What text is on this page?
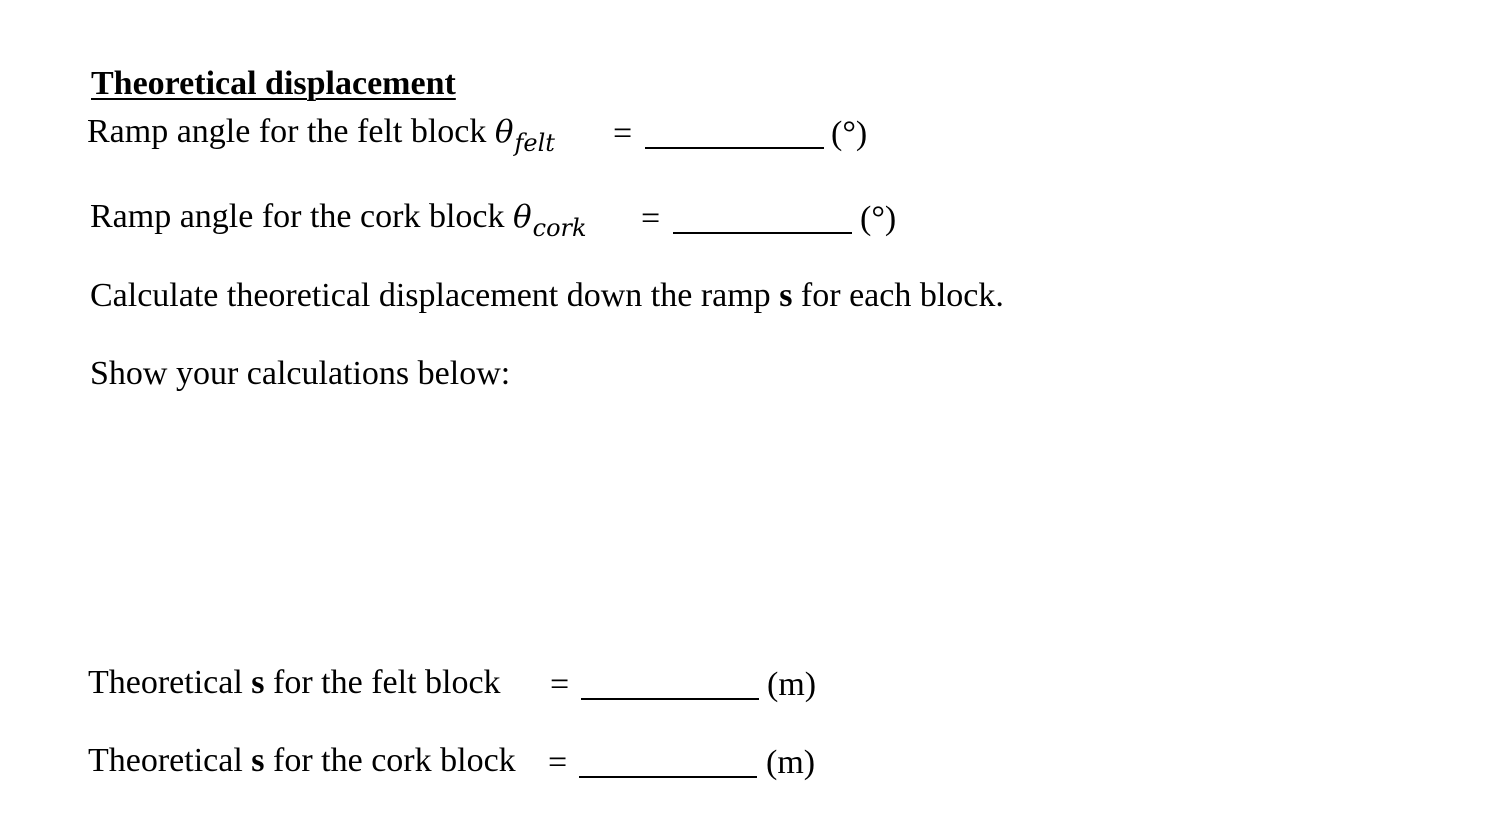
Theoretical displacement
Ramp angle for the felt block $\theta_{felt}$ =	(°)
Ramp angle for the cork block $\theta_{cork}$ =	(°)
Calculate theoretical displacement down the ramp s for each block.
Show your calculations below:
Theoretical s for the felt block =	(m)
Theoretical s for the cork block =	(m)
